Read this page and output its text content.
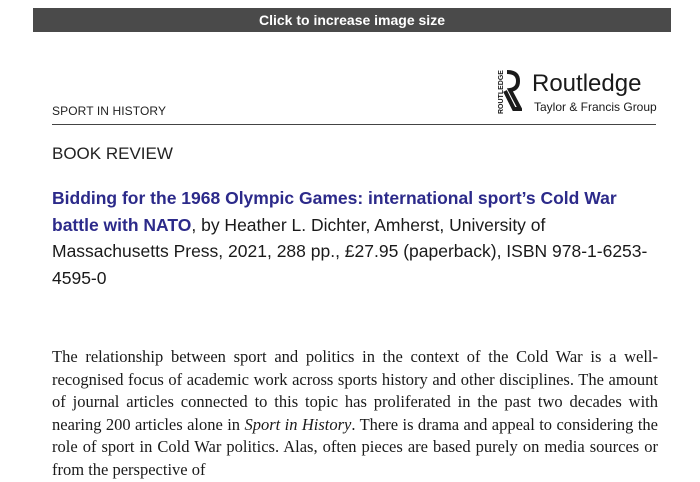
Click to increase image size
ROUTLEDGE Routledge
Taylor & Francis Group
SPORT IN HISTORY
BOOK REVIEW
Bidding for the 1968 Olympic Games: international sport’s Cold War battle with NATO, by Heather L. Dichter, Amherst, University of Massachusetts Press, 2021, 288 pp., £27.95 (paperback), ISBN 978-1-6253-4595-0
The relationship between sport and politics in the context of the Cold War is a well-recognised focus of academic work across sports history and other disciplines. The amount of journal articles connected to this topic has proliferated in the past two decades with nearing 200 articles alone in Sport in History. There is drama and appeal to considering the role of sport in Cold War politics. Alas, often pieces are based purely on media sources or from the perspective of
